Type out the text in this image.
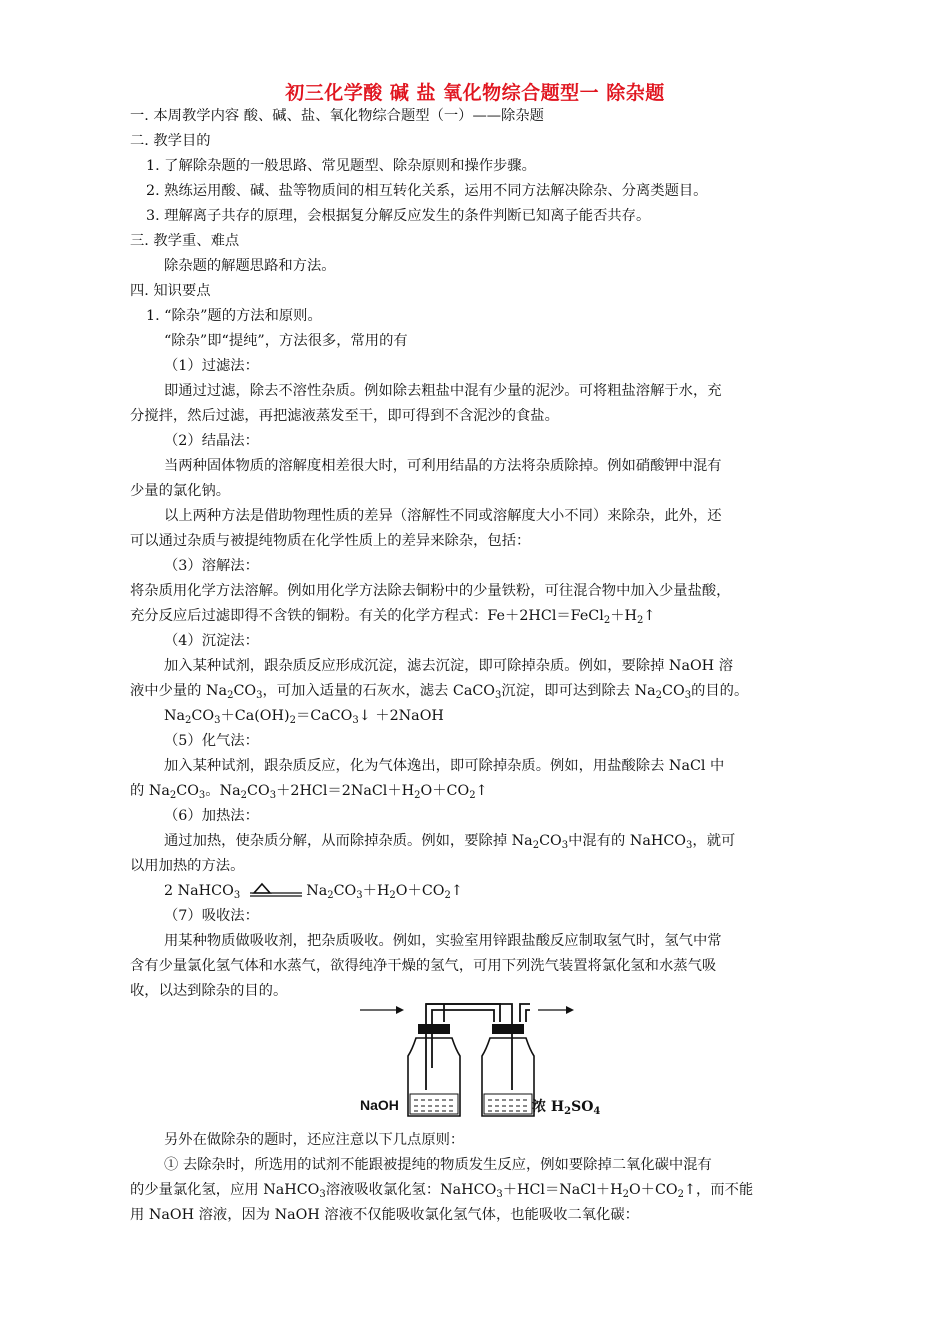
初三化学酸 碱 盐 氧化物综合题型一 除杂题
一. 本周教学内容 酸、碱、盐、氧化物综合题型（一）——除杂题
二. 教学目的
1. 了解除杂题的一般思路、常见题型、除杂原则和操作步骤。
2. 熟练运用酸、碱、盐等物质间的相互转化关系，运用不同方法解决除杂、分离类题目。
3. 理解离子共存的原理，会根据复分解反应发生的条件判断已知离子能否共存。
三. 教学重、难点
除杂题的解题思路和方法。
四. 知识要点
1. “除杂”题的方法和原则。
“除杂”即“提纯”，方法很多，常用的有
（1）过滤法：
即通过过滤，除去不溶性杂质。例如除去粗盐中混有少量的泥沙。可将粗盐溶解于水，充
分搅拌，然后过滤，再把滤液蒸发至干，即可得到不含泥沙的食盐。
（2）结晶法：
当两种固体物质的溶解度相差很大时，可利用结晶的方法将杂质除掉。例如硝酸钾中混有
少量的氯化钠。
以上两种方法是借助物理性质的差异（溶解性不同或溶解度大小不同）来除杂，此外，还
可以通过杂质与被提纯物质在化学性质上的差异来除杂，包括：
（3）溶解法：
将杂质用化学方法溶解。例如用化学方法除去铜粉中的少量铁粉，可往混合物中加入少量盐酸，
充分反应后过滤即得不含铁的铜粉。有关的化学方程式：$Fe+2HCl=FeCl_2+H_2↑$
（4）沉淀法：
加入某种试剂，跟杂质反应形成沉淀，滤去沉淀，即可除掉杂质。例如，要除掉 NaOH 溶
液中少量的 $Na_2CO_3$，可加入适量的石灰水，滤去 CaCO$_3$沉淀，即可达到除去 $Na_2CO_3$的目的。
$Na_2CO_3+Ca(OH)_2=CaCO_3↓$ ＋2NaOH
（5）化气法：
加入某种试剂，跟杂质反应，化为气体逸出，即可除掉杂质。例如，用盐酸除去 NaCl 中
的 $Na_2CO_3$。$Na_2CO_3+2HCl=2NaCl+H_2O+CO_2↑$
（6）加热法：
通过加热，使杂质分解，从而除掉杂质。例如，要除掉 $Na_2CO_3$中混有的 NaHCO$_3$，就可
以用加热的方法。
2 NaHCO$_3$	$Na_2CO_3+H_2O+CO_2↑$
（7）吸收法：
用某种物质做吸收剂，把杂质吸收。例如，实验室用锌跟盐酸反应制取氢气时，氢气中常
含有少量氯化氢气体和水蒸气，欲得纯净干燥的氢气，可用下列洗气装置将氯化氢和水蒸气吸
收，以达到除杂的目的。
NaOH	浓 $H_2SO_4$
另外在做除杂的题时，还应注意以下几点原则：
① 去除杂时，所选用的试剂不能跟被提纯的物质发生反应，例如要除掉二氧化碳中混有
的少量氯化氢，应用 NaHCO$_3$溶液吸收氯化氢：$NaHCO_3+HCl=NaCl+H_2O+CO_2↑$，而不能
用 NaOH 溶液，因为 NaOH 溶液不仅能吸收氯化氢气体，也能吸收二氧化碳：
